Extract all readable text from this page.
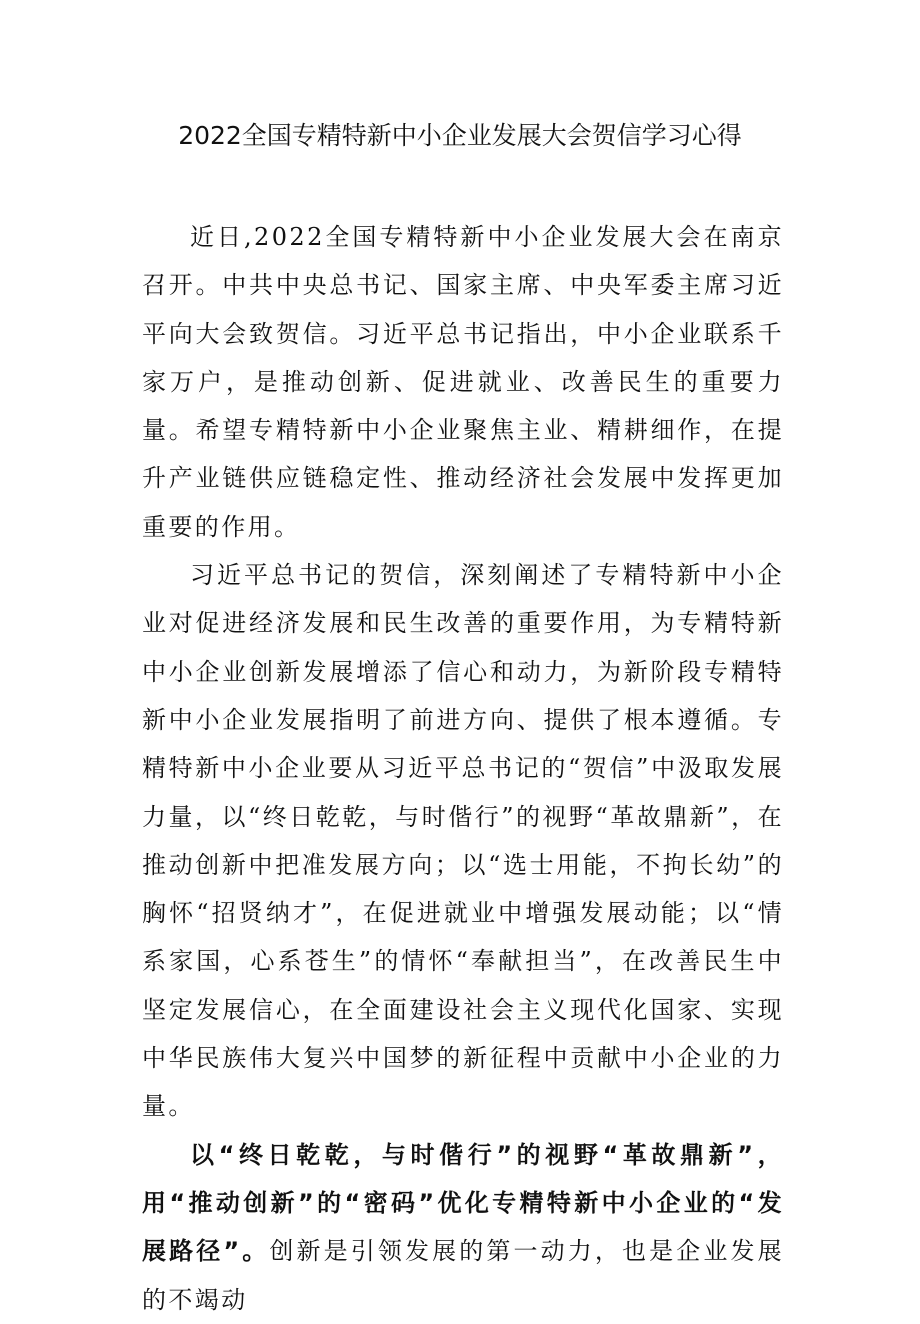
2022全国专精特新中小企业发展大会贺信学习心得

近日,2022全国专精特新中小企业发展大会在南京召开。中共中央总书记、国家主席、中央军委主席习近平向大会致贺信。习近平总书记指出，中小企业联系千家万户，是推动创新、促进就业、改善民生的重要力量。希望专精特新中小企业聚焦主业、精耕细作，在提升产业链供应链稳定性、推动经济社会发展中发挥更加重要的作用。

习近平总书记的贺信，深刻阐述了专精特新中小企业对促进经济发展和民生改善的重要作用，为专精特新中小企业创新发展增添了信心和动力，为新阶段专精特新中小企业发展指明了前进方向、提供了根本遵循。专精特新中小企业要从习近平总书记的“贺信”中汲取发展力量，以“终日乾乾，与时偕行”的视野“革故鼎新”，在推动创新中把准发展方向；以“选士用能，不拘长幼”的胸怀“招贤纳才”，在促进就业中增强发展动能；以“情系家国，心系苍生”的情怀“奉献担当”，在改善民生中坚定发展信心，在全面建设社会主义现代化国家、实现中华民族伟大复兴中国梦的新征程中贡献中小企业的力量。

以“终日乾乾，与时偕行”的视野“革故鼎新”，用“推动创新”的“密码”优化专精特新中小企业的“发展路径”。创新是引领发展的第一动力，也是企业发展的不竭动
